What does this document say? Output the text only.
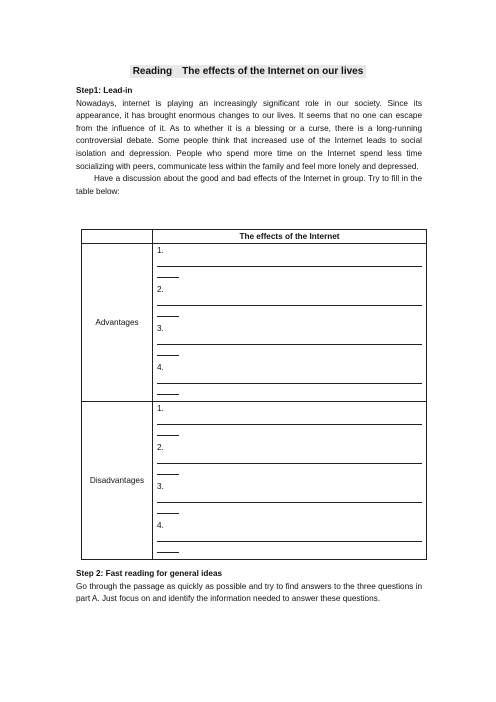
Reading The effects of the Internet on our lives
Step1: Lead-in
Nowadays, internet is playing an increasingly significant role in our society. Since its appearance, it has brought enormous changes to our lives. It seems that no one can escape from the influence of it. As to whether it is a blessing or a curse, there is a long-running controversial debate. Some people think that increased use of the Internet leads to social isolation and depression. People who spend more time on the Internet spend less time socializing with peers, communicate less within the family and feel more lonely and depressed.
Have a discussion about the good and bad effects of the Internet in group. Try to fill in the table below:
	The effects of the Internet
Advantages	1.
2.
3.
4.

Disadvantages	1.
2.
3.
4.
Step 2: Fast reading for general ideas
Go through the passage as quickly as possible and try to find answers to the three questions in part A. Just focus on and identify the information needed to answer these questions.
